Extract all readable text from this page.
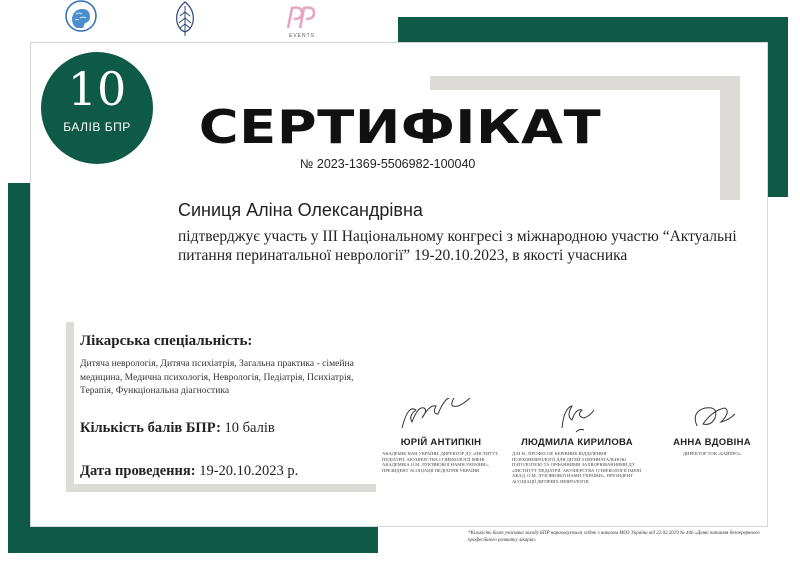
EVENTS
10
БАЛІВ БПР	СЕРТИФІКАТ
№ 2023-1369-5506982-100040
Синиця Аліна Олександрівна
підтверджує участь у III Національному конгресі з міжнародною участю “Актуальні питання перинатальної неврології” 19-20.10.2023, в якості учасника
Лікарська спеціальність:
Дитяча неврологія, Дитяча психіатрія, Загальна практика - сімейна медицина, Медична психологія, Неврологія, Педіатрія, Психіатрія, Терапія, Функціональна діагностика
Кількість балів БПР: 10 балів
Дата проведення: 19-20.10.2023 р.
ЮРІЙ АНТИПКІН
АКАДЕМІК НАН УКРАЇНИ, ДИРЕКТОР ДУ «ІНСТИТУТ ПЕДІАТРІЇ, АКУШЕРСТВА І ГІНЕКОЛОГІЇ ІМЕНІ АКАДЕМІКА О.М. ЛУК'ЯНОВОЇ НАМН УКРАЇНИ», ПРЕЗИДЕНТ АСОЦІАЦІЇ ПЕДІАТРІВ УКРАЇНИ
ЛЮДМИЛА КИРИЛОВА
Д.М.Н., ПРОФЕСОР, КЕРІВНИК ВІДДІЛЕННЯ ПСИХОНЕВРОЛОГІЇ ДЛЯ ДІТЕЙ З ПЕРИНАТАЛЬНОЮ ПАТОЛОГІЄЮ ТА ОРФАННИМИ ЗАХВОРЮВАННЯМИ ДУ «ІНСТИТУТ ПЕДІАТРІЇ, АКУШЕРСТВА І ГІНЕКОЛОГІЇ ІМЕНІ АКАД. О.М. ЛУК'ЯНОВОЇ НАМН УКРАЇНИ», ПРЕЗИДЕНТ АСОЦІАЦІЇ ДИТЯЧИХ НЕВРОЛОГІВ
АННА ВДОВІНА
ДИРЕКТОР ТОВ «БАЙПРО»
*Кількість балів учасника заходу БПР нараховується згідно з наказом МОЗ України від 22.02.2019 № 446 «Деякі питання безперервного професійного розвитку лікарів»
